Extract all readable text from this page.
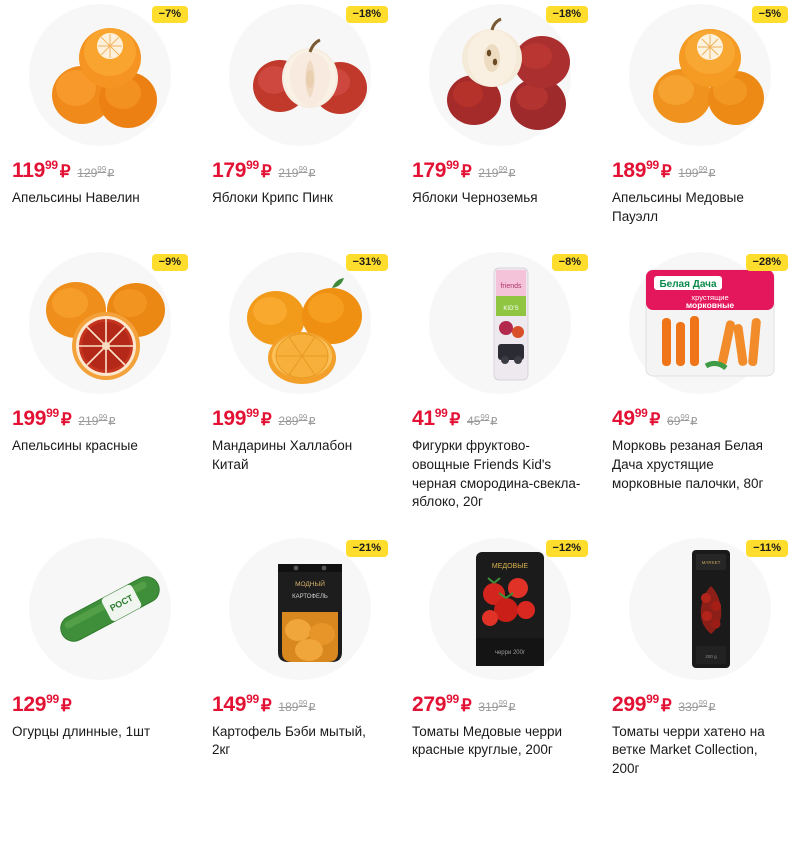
−7%
$119^{99}$ ₽ $129^{99}₽$
Апельсины Навелин
−18%
$179^{99}$ ₽ $219^{99}₽$
Яблоки Крипс Пинк
−18%
$179^{99}$ ₽ $219^{99}₽$
Яблоки Черноземья
−5%
$189^{99}$ ₽ $199^{99}₽$
Апельсины Медовые Пауэлл
−9%
$199^{99}$ ₽ $219^{99}₽$
Апельсины красные
−31%
$199^{99}$ ₽ $289^{99}₽$
Мандарины Халлабон Китай
−8%
friends
KID'S
$41^{99}$ ₽ $45^{99}₽$
Фигурки фруктово-овощные Friends Kid's черная смородина-свекла-яблоко, 20г
−28%
Белая Дача
хрустящие
морковные
$49^{99}$ ₽ $69^{99}₽$
Морковь резаная Белая Дача хрустящие морковные палочки, 80г
РОСТ
$129^{99}$ ₽
Огурцы длинные, 1шт
−21%
МОДНЫЙ
КАРТОФЕЛЬ
$149^{99}$ ₽ $189^{99}₽$
Картофель Бэби мытый, 2кг
−12%
МЕДОВЫЕ
черри 200г
$279^{99}$ ₽ $319^{99}₽$
Томаты Медовые черри красные круглые, 200г
−11%
MARKET
200 g
$299^{99}$ ₽ $339^{99}₽$
Томаты черри хатено на ветке Market Collection, 200г
